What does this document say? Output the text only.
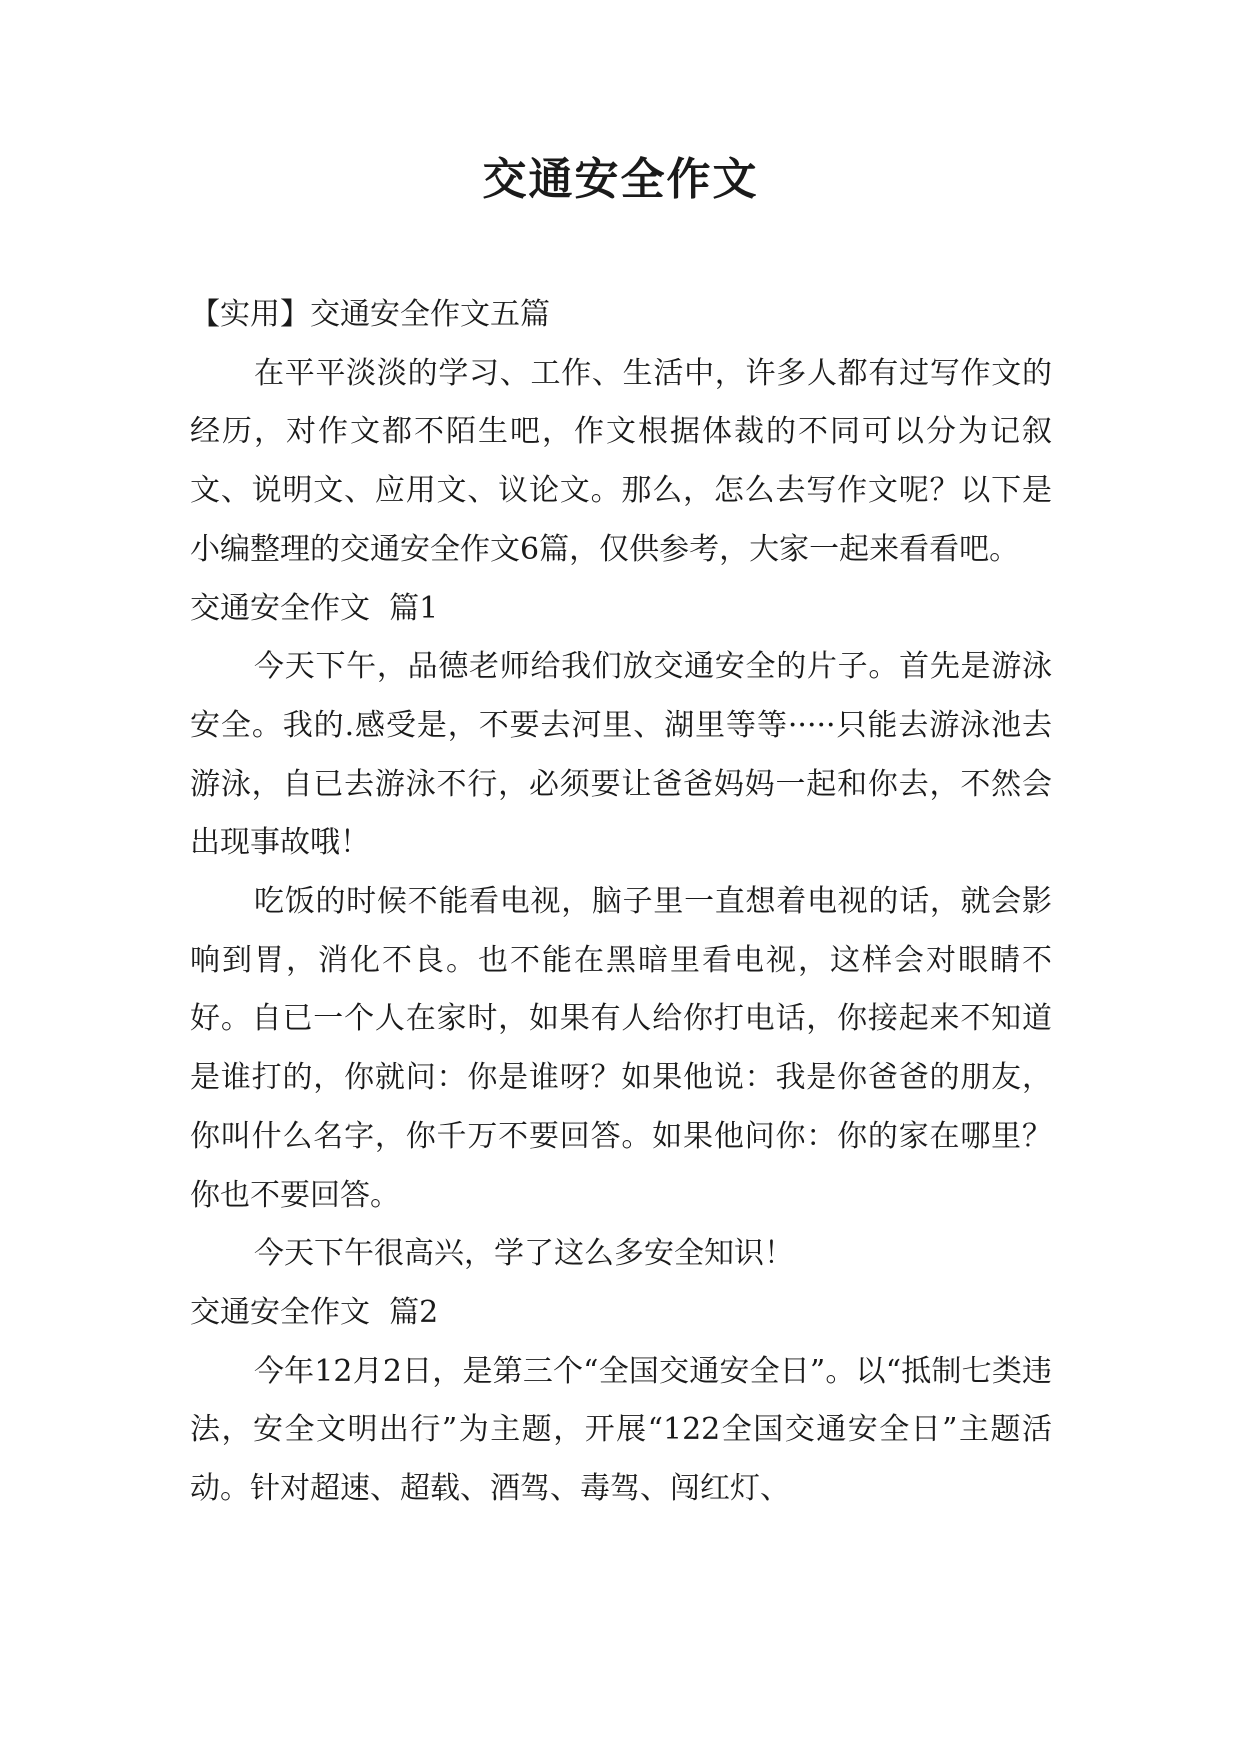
交通安全作文

【实用】交通安全作文五篇

在平平淡淡的学习、工作、生活中，许多人都有过写作文的经历，对作文都不陌生吧，作文根据体裁的不同可以分为记叙文、说明文、应用文、议论文。那么，怎么去写作文呢？以下是小编整理的交通安全作文6篇，仅供参考，大家一起来看看吧。

交通安全作文  篇1

今天下午，品德老师给我们放交通安全的片子。首先是游泳安全。我的.感受是，不要去河里、湖里等等·····只能去游泳池去游泳，自已去游泳不行，必须要让爸爸妈妈一起和你去，不然会出现事故哦！

吃饭的时候不能看电视，脑子里一直想着电视的话，就会影响到胃，消化不良。也不能在黑暗里看电视，这样会对眼睛不好。自已一个人在家时，如果有人给你打电话，你接起来不知道是谁打的，你就问：你是谁呀？如果他说：我是你爸爸的朋友，你叫什么名字，你千万不要回答。如果他问你：你的家在哪里？你也不要回答。

今天下午很高兴，学了这么多安全知识！

交通安全作文  篇2

今年12月2日，是第三个“全国交通安全日”。以“抵制七类违法，安全文明出行”为主题，开展“122全国交通安全日”主题活动。针对超速、超载、酒驾、毒驾、闯红灯、
